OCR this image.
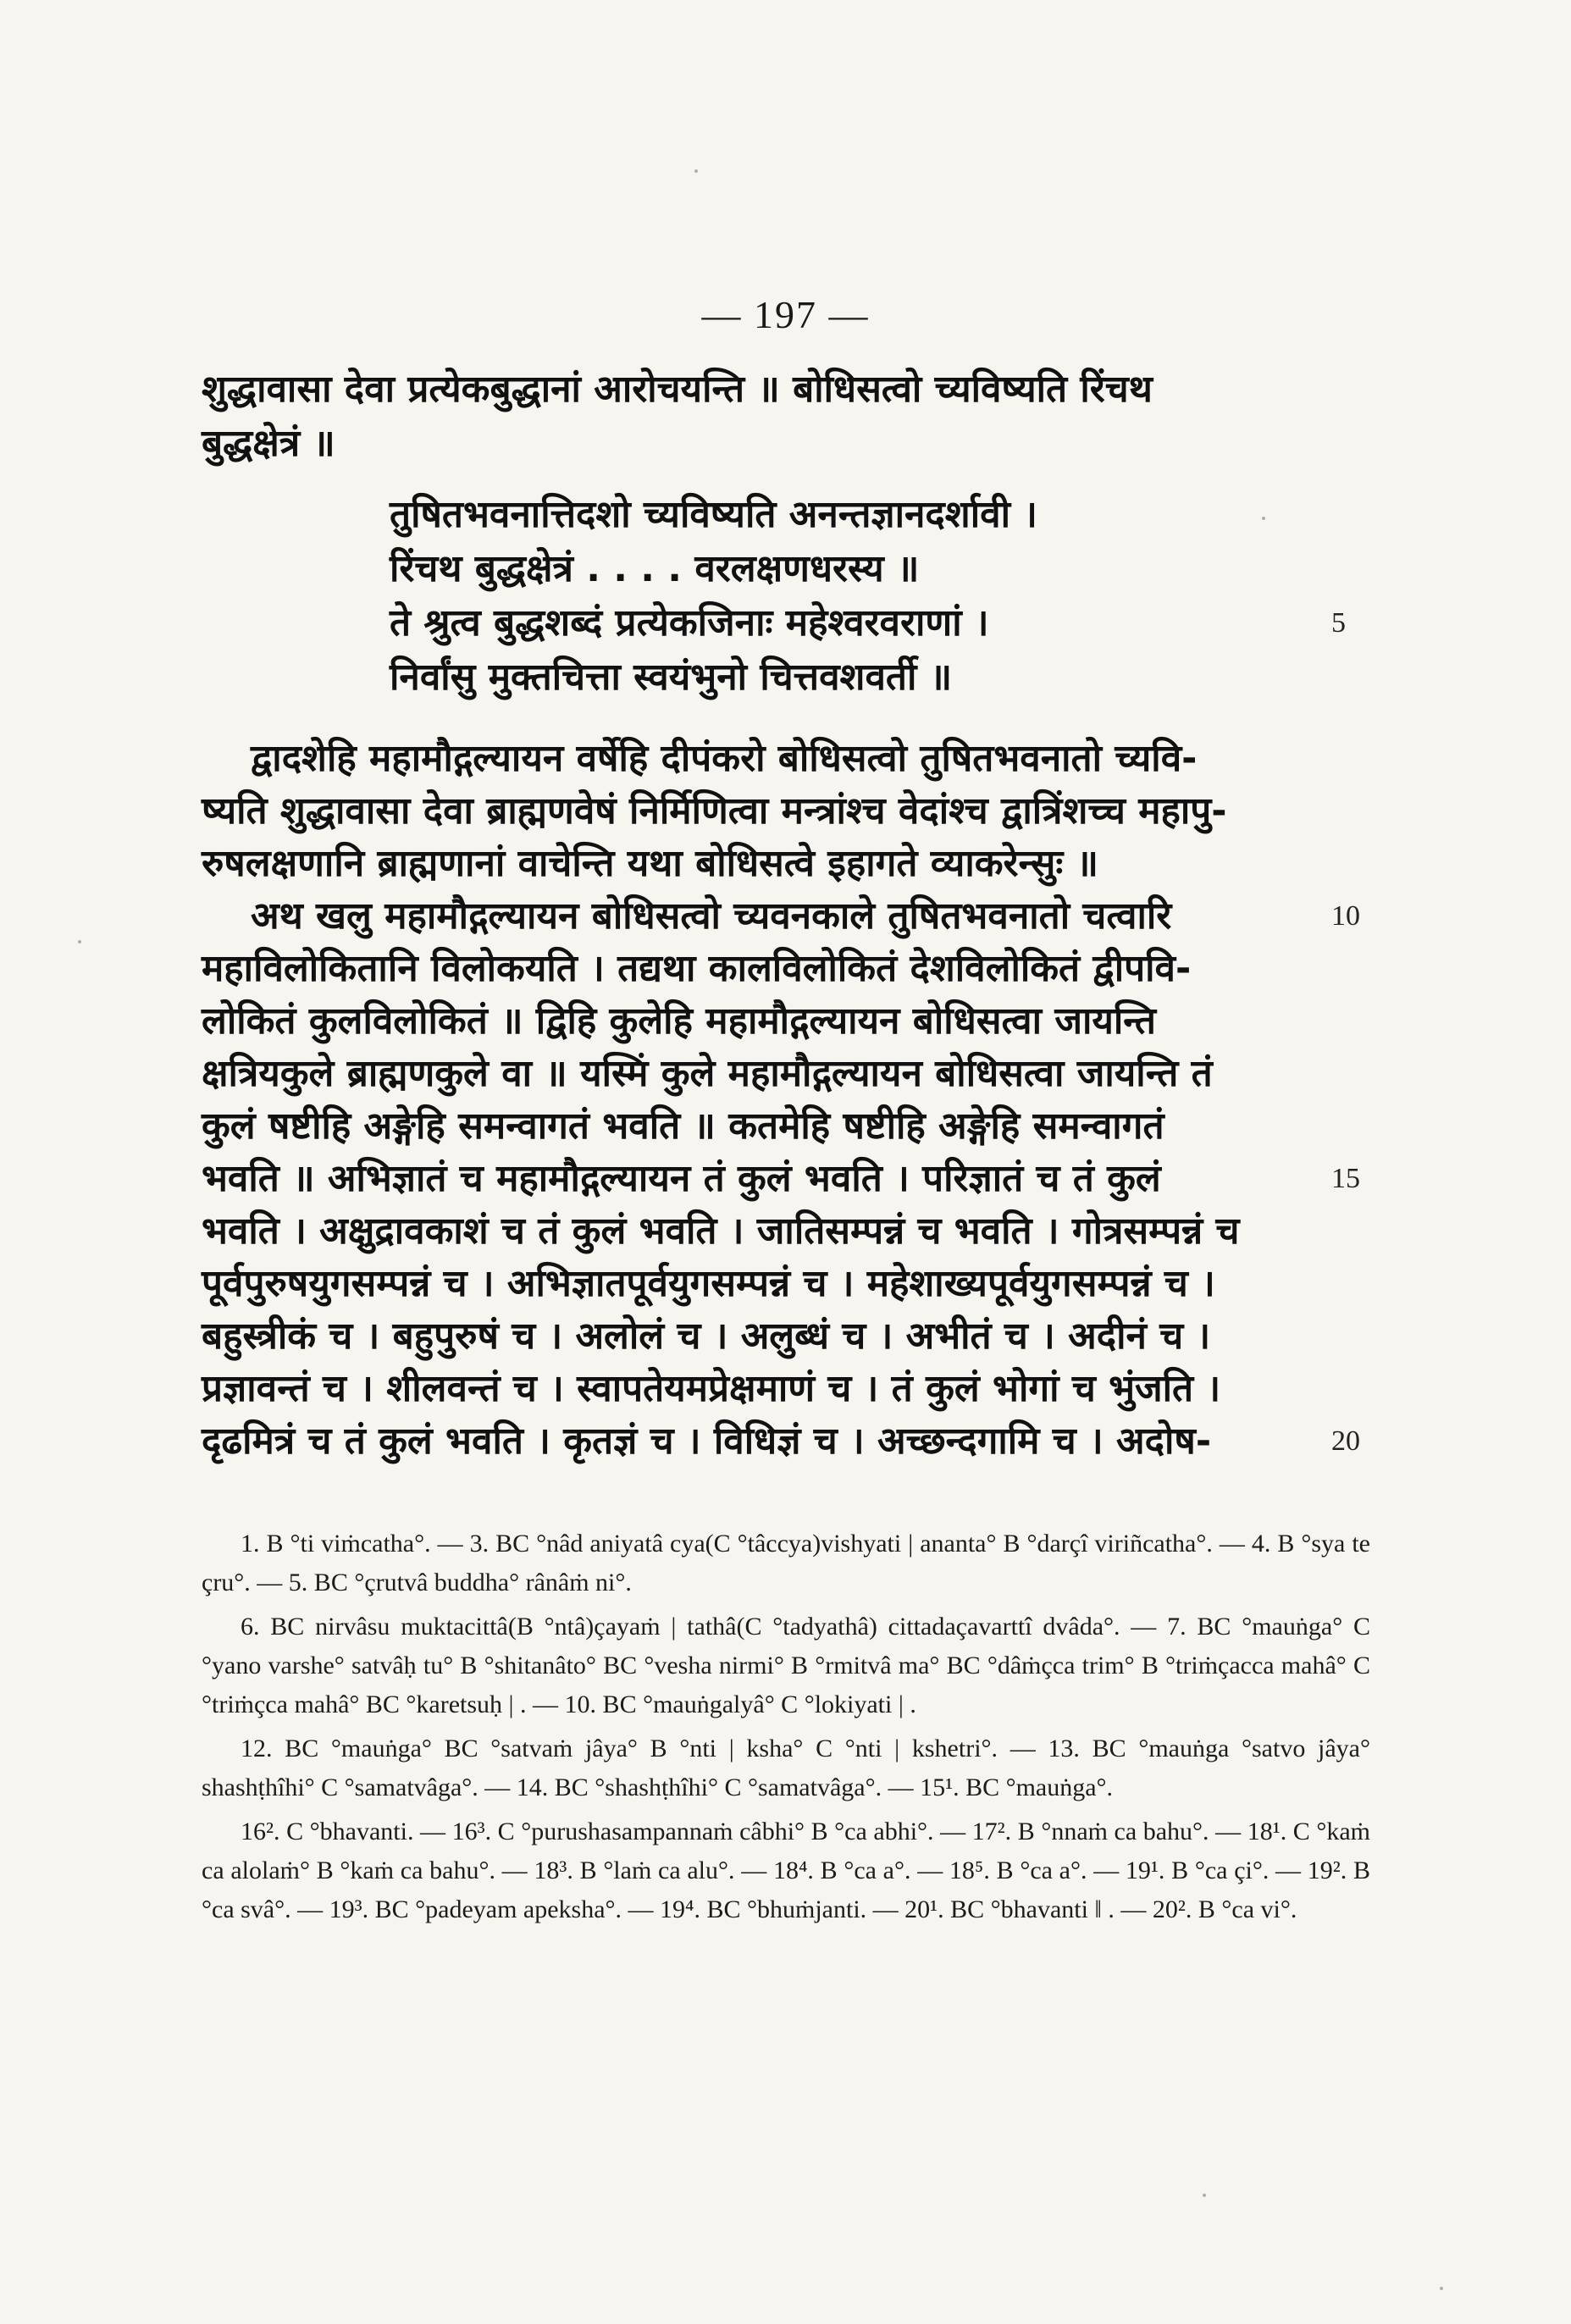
— 197 —
शुद्धावासा देवा प्रत्येकबुद्धानां आरोचयन्ति ॥ बोधिसत्वो च्यविष्यति रिंचथ
बुद्धक्षेत्रं ॥
तुषितभवनात्तिदशो च्यविष्यति अनन्तज्ञानदर्शावी ।
रिंचथ बुद्धक्षेत्रं . . . . वरलक्षणधरस्य ॥
ते श्रुत्व बुद्धशब्दं प्रत्येकजिनाः महेश्वरवराणां ।	5
निर्वांसु मुक्तचित्ता स्वयंभुनो चित्तवशवर्ती ॥
द्वादशेहि महामौद्गल्यायन वर्षेहि दीपंकरो बोधिसत्वो तुषितभवनातो च्यवि-
ष्यति शुद्धावासा देवा ब्राह्मणवेषं निर्मिणित्वा मन्त्रांश्च वेदांश्च द्वात्रिंशच्च महापु-
रुषलक्षणानि ब्राह्मणानां वाचेन्ति यथा बोधिसत्वे इहागते व्याकरेन्सुः ॥
अथ खलु महामौद्गल्यायन बोधिसत्वो च्यवनकाले तुषितभवनातो चत्वारि	10
महाविलोकितानि विलोकयति । तद्यथा कालविलोकितं देशविलोकितं द्वीपवि-
लोकितं कुलविलोकितं ॥ द्विहि कुलेहि महामौद्गल्यायन बोधिसत्वा जायन्ति
क्षत्रियकुले ब्राह्मणकुले वा ॥ यस्मिं कुले महामौद्गल्यायन बोधिसत्वा जायन्ति तं
कुलं षष्टीहि अङ्गेहि समन्वागतं भवति ॥ कतमेहि षष्टीहि अङ्गेहि समन्वागतं
भवति ॥ अभिज्ञातं च महामौद्गल्यायन तं कुलं भवति । परिज्ञातं च तं कुलं	15
भवति । अक्षुद्रावकाशं च तं कुलं भवति । जातिसम्पन्नं च भवति । गोत्रसम्पन्नं च
पूर्वपुरुषयुगसम्पन्नं च । अभिज्ञातपूर्वयुगसम्पन्नं च । महेशाख्यपूर्वयुगसम्पन्नं च ।
बहुस्त्रीकं च । बहुपुरुषं च । अलोलं च । अलुब्धं च । अभीतं च । अदीनं च ।
प्रज्ञावन्तं च । शीलवन्तं च । स्वापतेयमप्रेक्षमाणं च । तं कुलं भोगां च भुंजति ।
दृढमित्रं च तं कुलं भवति । कृतज्ञं च । विधिज्ञं च । अच्छन्दगामि च । अदोष-	20

1. B °ti viṁcatha°. — 3. BC °nâd aniyatâ cya(C °tâccya)vishyati | ananta° B °darçî viriñcatha°. — 4. B °sya te çru°. — 5. BC °çrutvâ buddha° rânâṁ ni°.

6. BC nirvâsu muktacittâ(B °ntâ)çayaṁ | tathâ(C °tadyathâ) cittadaçavarttî dvâda°. — 7. BC °mauṅga° C °yano varshe° satvâḥ tu° B °shitanâto° BC °vesha nirmi° B °rmitvâ ma° BC °dâṁçca trim° B °triṁçacca mahâ° C °triṁçca mahâ° BC °karetsuḥ | . — 10. BC °mauṅgalyâ° C °lokiyati | .

12. BC °mauṅga° BC °satvaṁ jâya° B °nti | ksha° C °nti | kshetri°. — 13. BC °mauṅga °satvo jâya° shashṭhîhi° C °samatvâga°. — 14. BC °shashṭhîhi° C °samatvâga°. — 15¹. BC °mauṅga°.

16². C °bhavanti. — 16³. C °purushasampannaṁ câbhi° B °ca abhi°. — 17². B °nnaṁ ca bahu°. — 18¹. C °kaṁ ca alolaṁ° B °kaṁ ca bahu°. — 18³. B °laṁ ca alu°. — 18⁴. B °ca a°. — 18⁵. B °ca a°. — 19¹. B °ca çi°. — 19². B °ca svâ°. — 19³. BC °padeyam apeksha°. — 19⁴. BC °bhuṁjanti. — 20¹. BC °bhavanti ‖ . — 20². B °ca vi°.
